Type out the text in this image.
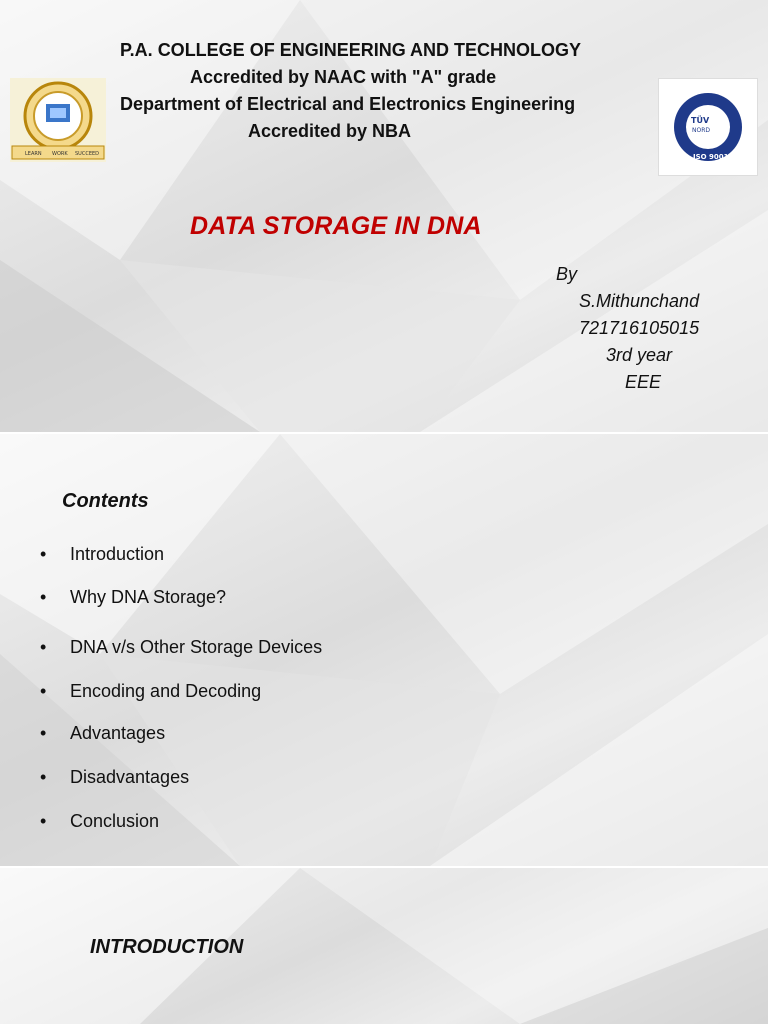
P.A. COLLEGE OF ENGINEERING AND TECHNOLOGY
Accredited by NAAC with "A" grade
Department of Electrical and Electronics Engineering
Accredited by NBA
LEARN WORK SUCCEED
TÜV
NORD
ISO 9001
DATA STORAGE IN DNA
By
S.Mithunchand
721716105015
3rd year
EEE
Contents
• Introduction
• Why DNA Storage?
• DNA v/s Other Storage Devices
• Encoding and Decoding
• Advantages
• Disadvantages
• Conclusion
INTRODUCTION
